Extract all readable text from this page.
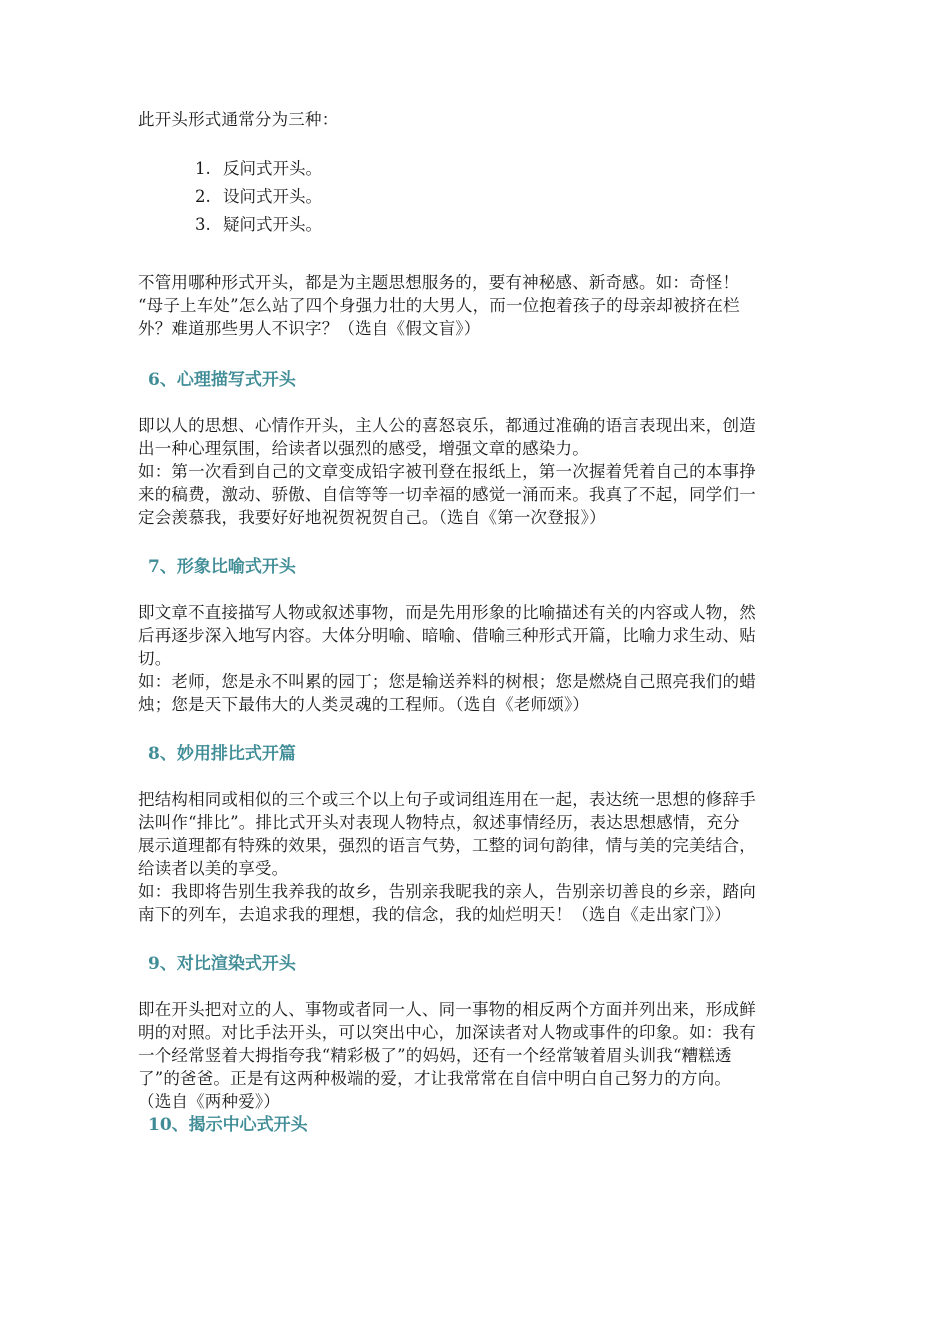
此开头形式通常分为三种：

1. 反问式开头。
2. 设问式开头。
3. 疑问式开头。

不管用哪种形式开头，都是为主题思想服务的，要有神秘感、新奇感。如：奇怪！
“母子上车处”怎么站了四个身强力壮的大男人，而一位抱着孩子的母亲却被挤在栏
外？难道那些男人不识字？（选自《假文盲》）

6、心理描写式开头

即以人的思想、心情作开头，主人公的喜怒哀乐，都通过准确的语言表现出来，创造
出一种心理氛围，给读者以强烈的感受，增强文章的感染力。
如：第一次看到自己的文章变成铅字被刊登在报纸上，第一次握着凭着自己的本事挣
来的稿费，激动、骄傲、自信等等一切幸福的感觉一涌而来。我真了不起，同学们一
定会羡慕我，我要好好地祝贺祝贺自己。（选自《第一次登报》）

7、形象比喻式开头

即文章不直接描写人物或叙述事物，而是先用形象的比喻描述有关的内容或人物，然
后再逐步深入地写内容。大体分明喻、暗喻、借喻三种形式开篇，比喻力求生动、贴
切。
如：老师，您是永不叫累的园丁；您是输送养料的树根；您是燃烧自己照亮我们的蜡
烛；您是天下最伟大的人类灵魂的工程师。（选自《老师颂》）

8、妙用排比式开篇

把结构相同或相似的三个或三个以上句子或词组连用在一起，表达统一思想的修辞手
法叫作“排比”。排比式开头对表现人物特点，叙述事情经历，表达思想感情，充分
展示道理都有特殊的效果，强烈的语言气势，工整的词句韵律，情与美的完美结合，
给读者以美的享受。
如：我即将告别生我养我的故乡，告别亲我昵我的亲人，告别亲切善良的乡亲，踏向
南下的列车，去追求我的理想，我的信念，我的灿烂明天！（选自《走出家门》）

9、对比渲染式开头

即在开头把对立的人、事物或者同一人、同一事物的相反两个方面并列出来，形成鲜
明的对照。对比手法开头，可以突出中心，加深读者对人物或事件的印象。如：我有
一个经常竖着大拇指夸我“精彩极了”的妈妈，还有一个经常皱着眉头训我“糟糕透
了”的爸爸。正是有这两种极端的爱，才让我常常在自信中明白自己努力的方向。
（选自《两种爱》）

10、揭示中心式开头
